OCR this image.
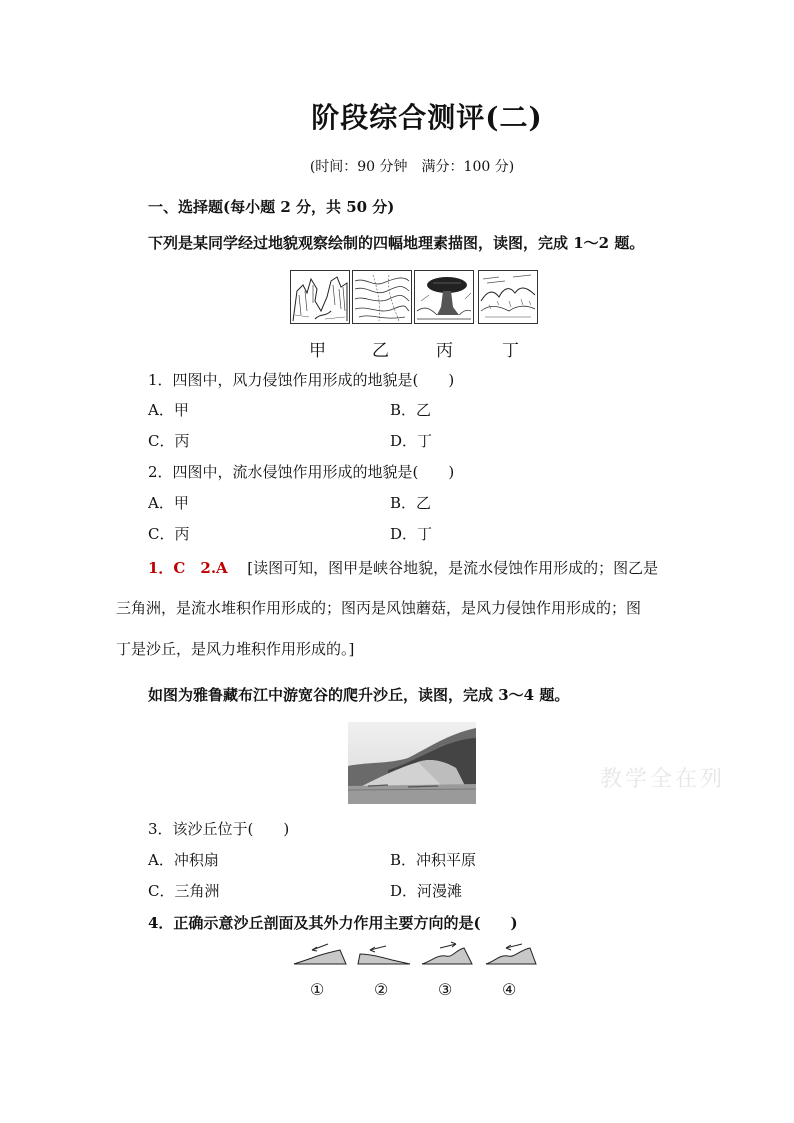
阶段综合测评(二)
(时间：90 分钟　满分：100 分)
一、选择题(每小题 2 分，共 50 分)
下列是某同学经过地貌观察绘制的四幅地理素描图，读图，完成 1～2 题。
甲	乙	丙	丁
1．四图中，风力侵蚀作用形成的地貌是(　　)
A．甲	B．乙
C．丙	D．丁
2．四图中，流水侵蚀作用形成的地貌是(　　)
A．甲	B．乙
C．丙	D．丁
1．C　2.A [读图可知，图甲是峡谷地貌，是流水侵蚀作用形成的；图乙是
三角洲，是流水堆积作用形成的；图丙是风蚀蘑菇，是风力侵蚀作用形成的；图
丁是沙丘，是风力堆积作用形成的。]
如图为雅鲁藏布江中游宽谷的爬升沙丘，读图，完成 3～4 题。
教学全在列
3．该沙丘位于(　　)
A．冲积扇	B．冲积平原
C．三角洲	D．河漫滩
4．正确示意沙丘剖面及其外力作用主要方向的是(　　)
①	②	③	④
